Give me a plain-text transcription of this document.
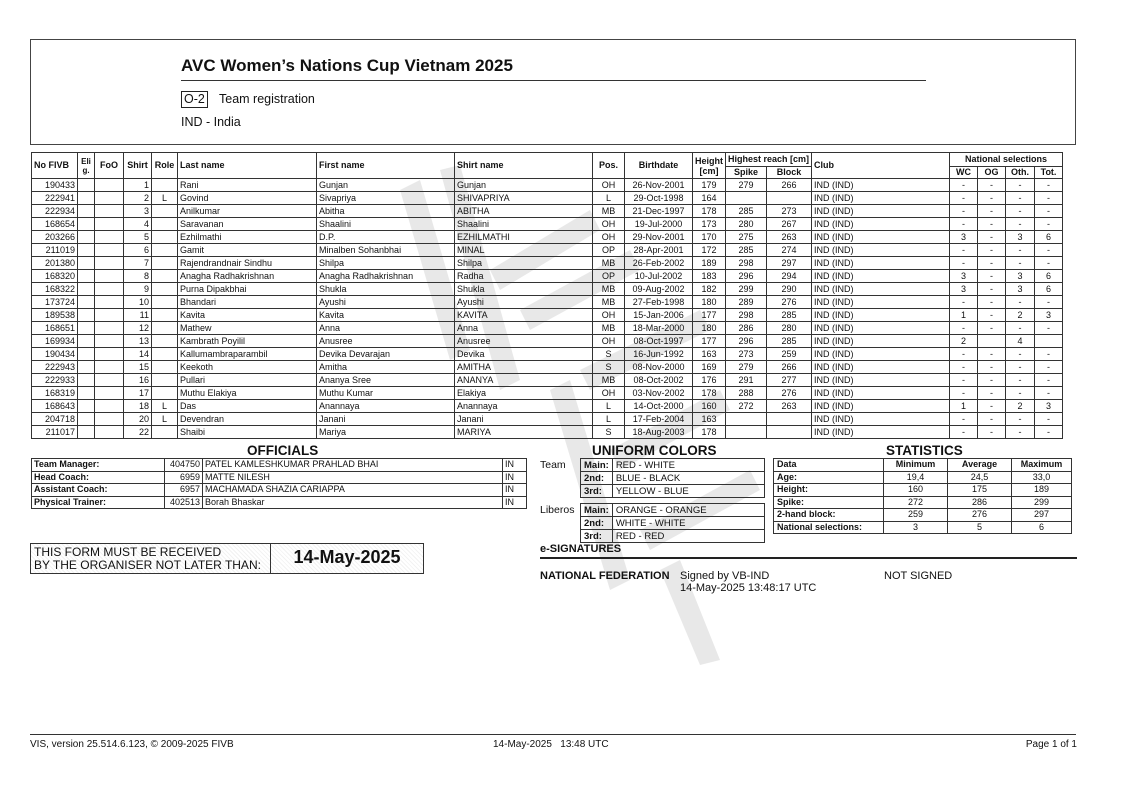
AVC Women’s Nations Cup Vietnam 2025
O-2 Team registration
IND - India
No FIVB	Eli g.	FoO	Shirt	Role	Last name	First name	Shirt name	Pos.	Birthdate	Height [cm]	Highest reach [cm]		Club	National selections			
											Spike	Block		WC	OG	Oth.	Tot.
190433			1		Rani	Gunjan	Gunjan	OH	26-Nov-2001	179	279	266	IND (IND)	-	-	-	-
222941			2	L	Govind	Sivapriya	SHIVAPRIYA	L	29-Oct-1998	164			IND (IND)	-	-	-	-
222934			3		Anilkumar	Abitha	ABITHA	MB	21-Dec-1997	178	285	273	IND (IND)	-	-	-	-
168654			4		Saravanan	Shaalini	Shaalini	OH	19-Jul-2000	173	280	267	IND (IND)	-	-	-	-
203266			5		Ezhilmathi	D.P.	EZHILMATHI	OH	29-Nov-2001	170	275	263	IND (IND)	3	-	3	6
211019			6		Gamit	Minalben Sohanbhai	MINAL	OP	28-Apr-2001	172	285	274	IND (IND)	-	-	-	-
201380			7		Rajendrandnair Sindhu	Shilpa	Shilpa	MB	26-Feb-2002	189	298	297	IND (IND)	-	-	-	-
168320			8		Anagha Radhakrishnan	Anagha Radhakrishnan	Radha	OP	10-Jul-2002	183	296	294	IND (IND)	3	-	3	6
168322			9		Purna Dipakbhai	Shukla	Shukla	MB	09-Aug-2002	182	299	290	IND (IND)	3	-	3	6
173724			10		Bhandari	Ayushi	Ayushi	MB	27-Feb-1998	180	289	276	IND (IND)	-	-	-	-
189538			11		Kavita	Kavita	KAVITA	OH	15-Jan-2006	177	298	285	IND (IND)	1	-	2	3
168651			12		Mathew	Anna	Anna	MB	18-Mar-2000	180	286	280	IND (IND)	-	-	-	-
169934			13		Kambrath Poyilil	Anusree	Anusree	OH	08-Oct-1997	177	296	285	IND (IND)	2		4	
190434			14		Kallumambraparambil	Devika Devarajan	Devika	S	16-Jun-1992	163	273	259	IND (IND)	-	-	-	-
222943			15		Keekoth	Amitha	AMITHA	S	08-Nov-2000	169	279	266	IND (IND)	-	-	-	-
222933			16		Pullari	Ananya Sree	ANANYA	MB	08-Oct-2002	176	291	277	IND (IND)	-	-	-	-
168319			17		Muthu Elakiya	Muthu Kumar	Elakiya	OH	03-Nov-2002	178	288	276	IND (IND)	-	-	-	-
168643			18	L	Das	Anannaya	Anannaya	L	14-Oct-2000	160	272	263	IND (IND)	1	-	2	3
204718			20	L	Devendran	Janani	Janani	L	17-Feb-2004	163			IND (IND)	-	-	-	-
211017			22		Shaibi	Mariya	MARIYA	S	18-Aug-2003	178			IND (IND)	-	-	-	-
OFFICIALS
Team Manager:	404750	PATEL KAMLESHKUMAR PRAHLAD BHAI	IN
Head Coach:	6959	MATTE NILESH	IN
Assistant Coach:	6957	MACHAMADA SHAZIA CARIAPPA	IN
Physical Trainer:	402513	Borah Bhaskar	IN
UNIFORM COLORS
Team Main:	RED - WHITE
2nd:	BLUE - BLACK
3rd:	YELLOW - BLUE
Liberos Main:	ORANGE - ORANGE
2nd:	WHITE - WHITE
3rd:	RED - RED
STATISTICS
Data	Minimum	Average	Maximum
Age:	19,4	24,5	33,0
Height:	160	175	189
Spike:	272	286	299
2-hand block:	259	276	297
National selections:	3	5	6
THIS FORM MUST BE RECEIVED
BY THE ORGANISER NOT LATER THAN:	14-May-2025	e-SIGNATURES
NATIONAL FEDERATION Signed by VB-IND
14-May-2025 13:48:17 UTC
NOT SIGNED
VIS, version 25.514.6.123, © 2009-2025 FIVB	14-May-2025   13:48 UTC	Page 1 of 1
